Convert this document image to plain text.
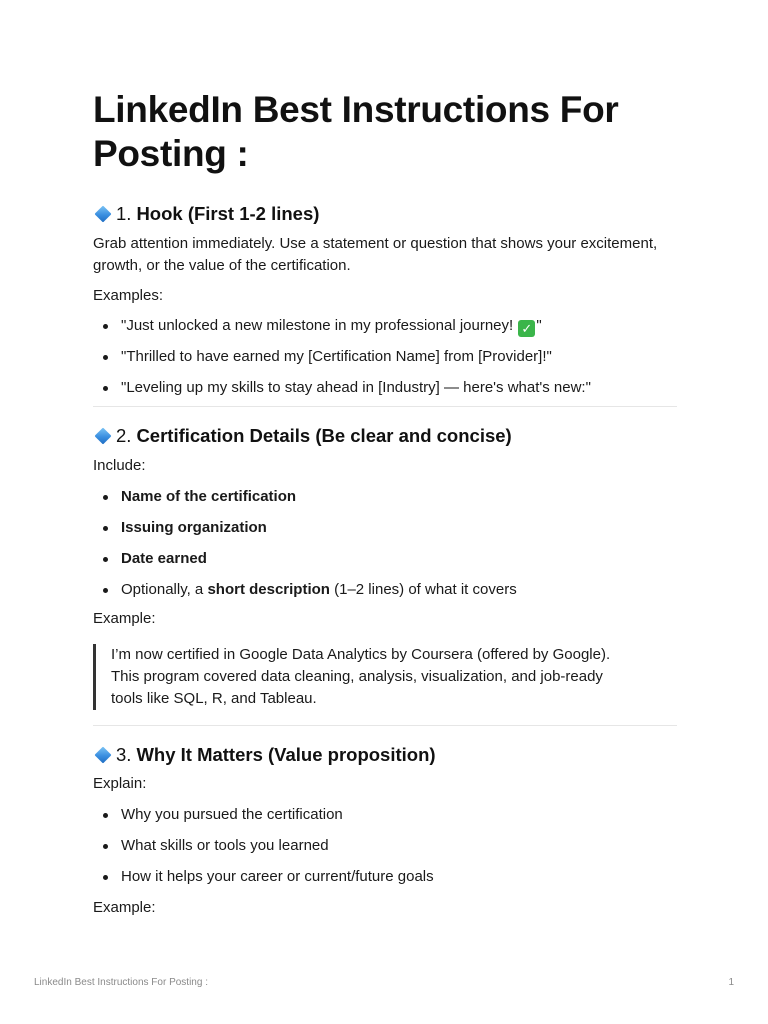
LinkedIn Best Instructions For Posting :
1. Hook (First 1-2 lines)

Grab attention immediately. Use a statement or question that shows your excitement, growth, or the value of the certification.

Examples:

"Just unlocked a new milestone in my professional journey! ✓ "
"Thrilled to have earned my [Certification Name] from [Provider]!"
"Leveling up my skills to stay ahead in [Industry] — here's what's new:"
2. Certification Details (Be clear and concise)

Include:

Name of the certification
Issuing organization
Date earned
Optionally, a short description (1–2 lines) of what it covers

Example:

I’m now certified in Google Data Analytics by Coursera (offered by Google).
This program covered data cleaning, analysis, visualization, and job-ready
tools like SQL, R, and Tableau.
3. Why It Matters (Value proposition)

Explain:

Why you pursued the certification
What skills or tools you learned
How it helps your career or current/future goals

Example:

LinkedIn Best Instructions For Posting :	1
